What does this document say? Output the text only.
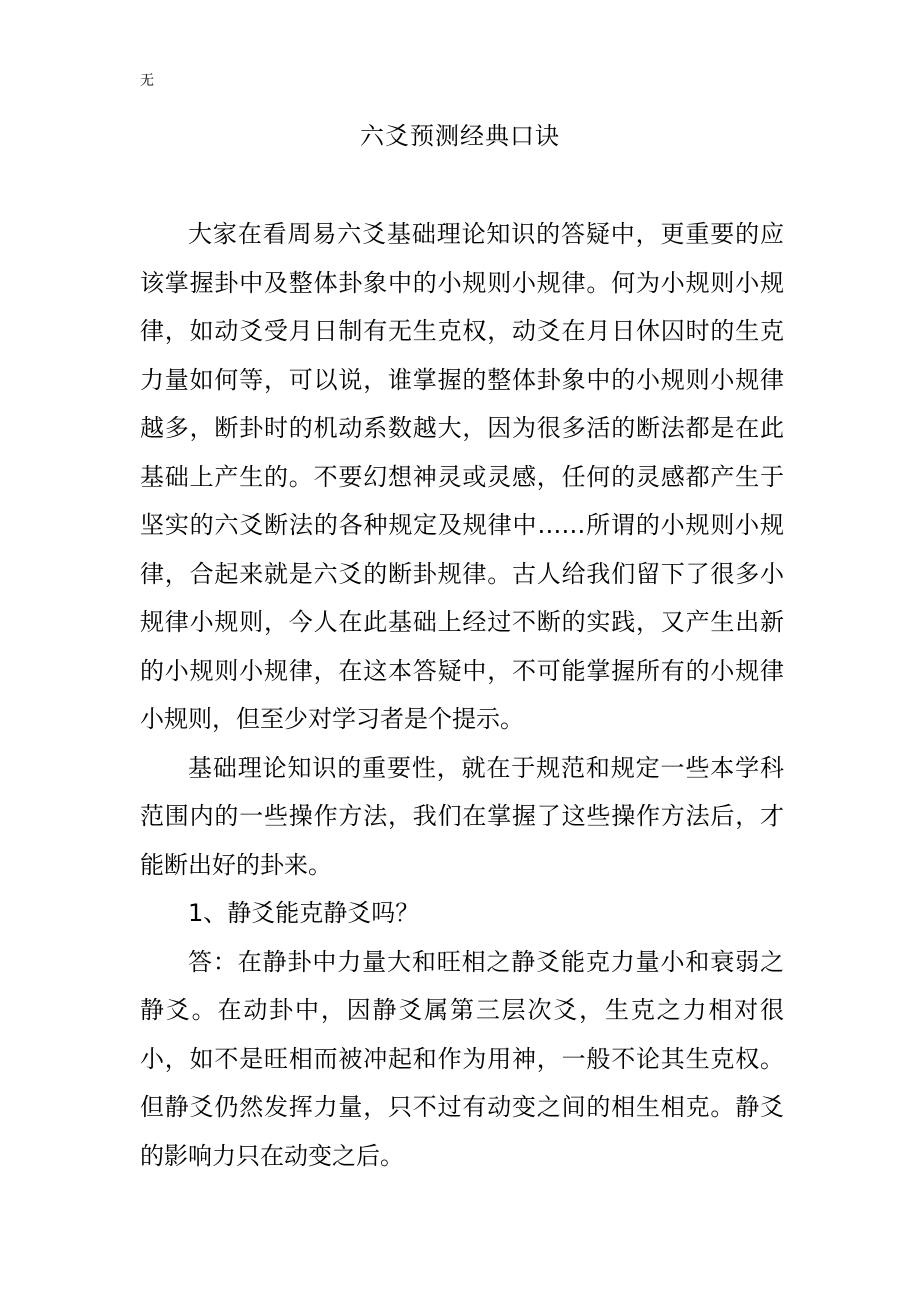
无
六爻预测经典口诀

大家在看周易六爻基础理论知识的答疑中，更重要的应该掌握卦中及整体卦象中的小规则小规律。何为小规则小规律，如动爻受月日制有无生克权，动爻在月日休囚时的生克力量如何等，可以说，谁掌握的整体卦象中的小规则小规律越多，断卦时的机动系数越大，因为很多活的断法都是在此基础上产生的。不要幻想神灵或灵感，任何的灵感都产生于坚实的六爻断法的各种规定及规律中……所谓的小规则小规律，合起来就是六爻的断卦规律。古人给我们留下了很多小规律小规则，今人在此基础上经过不断的实践，又产生出新的小规则小规律，在这本答疑中，不可能掌握所有的小规律小规则，但至少对学习者是个提示。

基础理论知识的重要性，就在于规范和规定一些本学科范围内的一些操作方法，我们在掌握了这些操作方法后，才能断出好的卦来。

1、静爻能克静爻吗？

答：在静卦中力量大和旺相之静爻能克力量小和衰弱之静爻。在动卦中，因静爻属第三层次爻，生克之力相对很小，如不是旺相而被冲起和作为用神，一般不论其生克权。但静爻仍然发挥力量，只不过有动变之间的相生相克。静爻的影响力只在动变之后。
